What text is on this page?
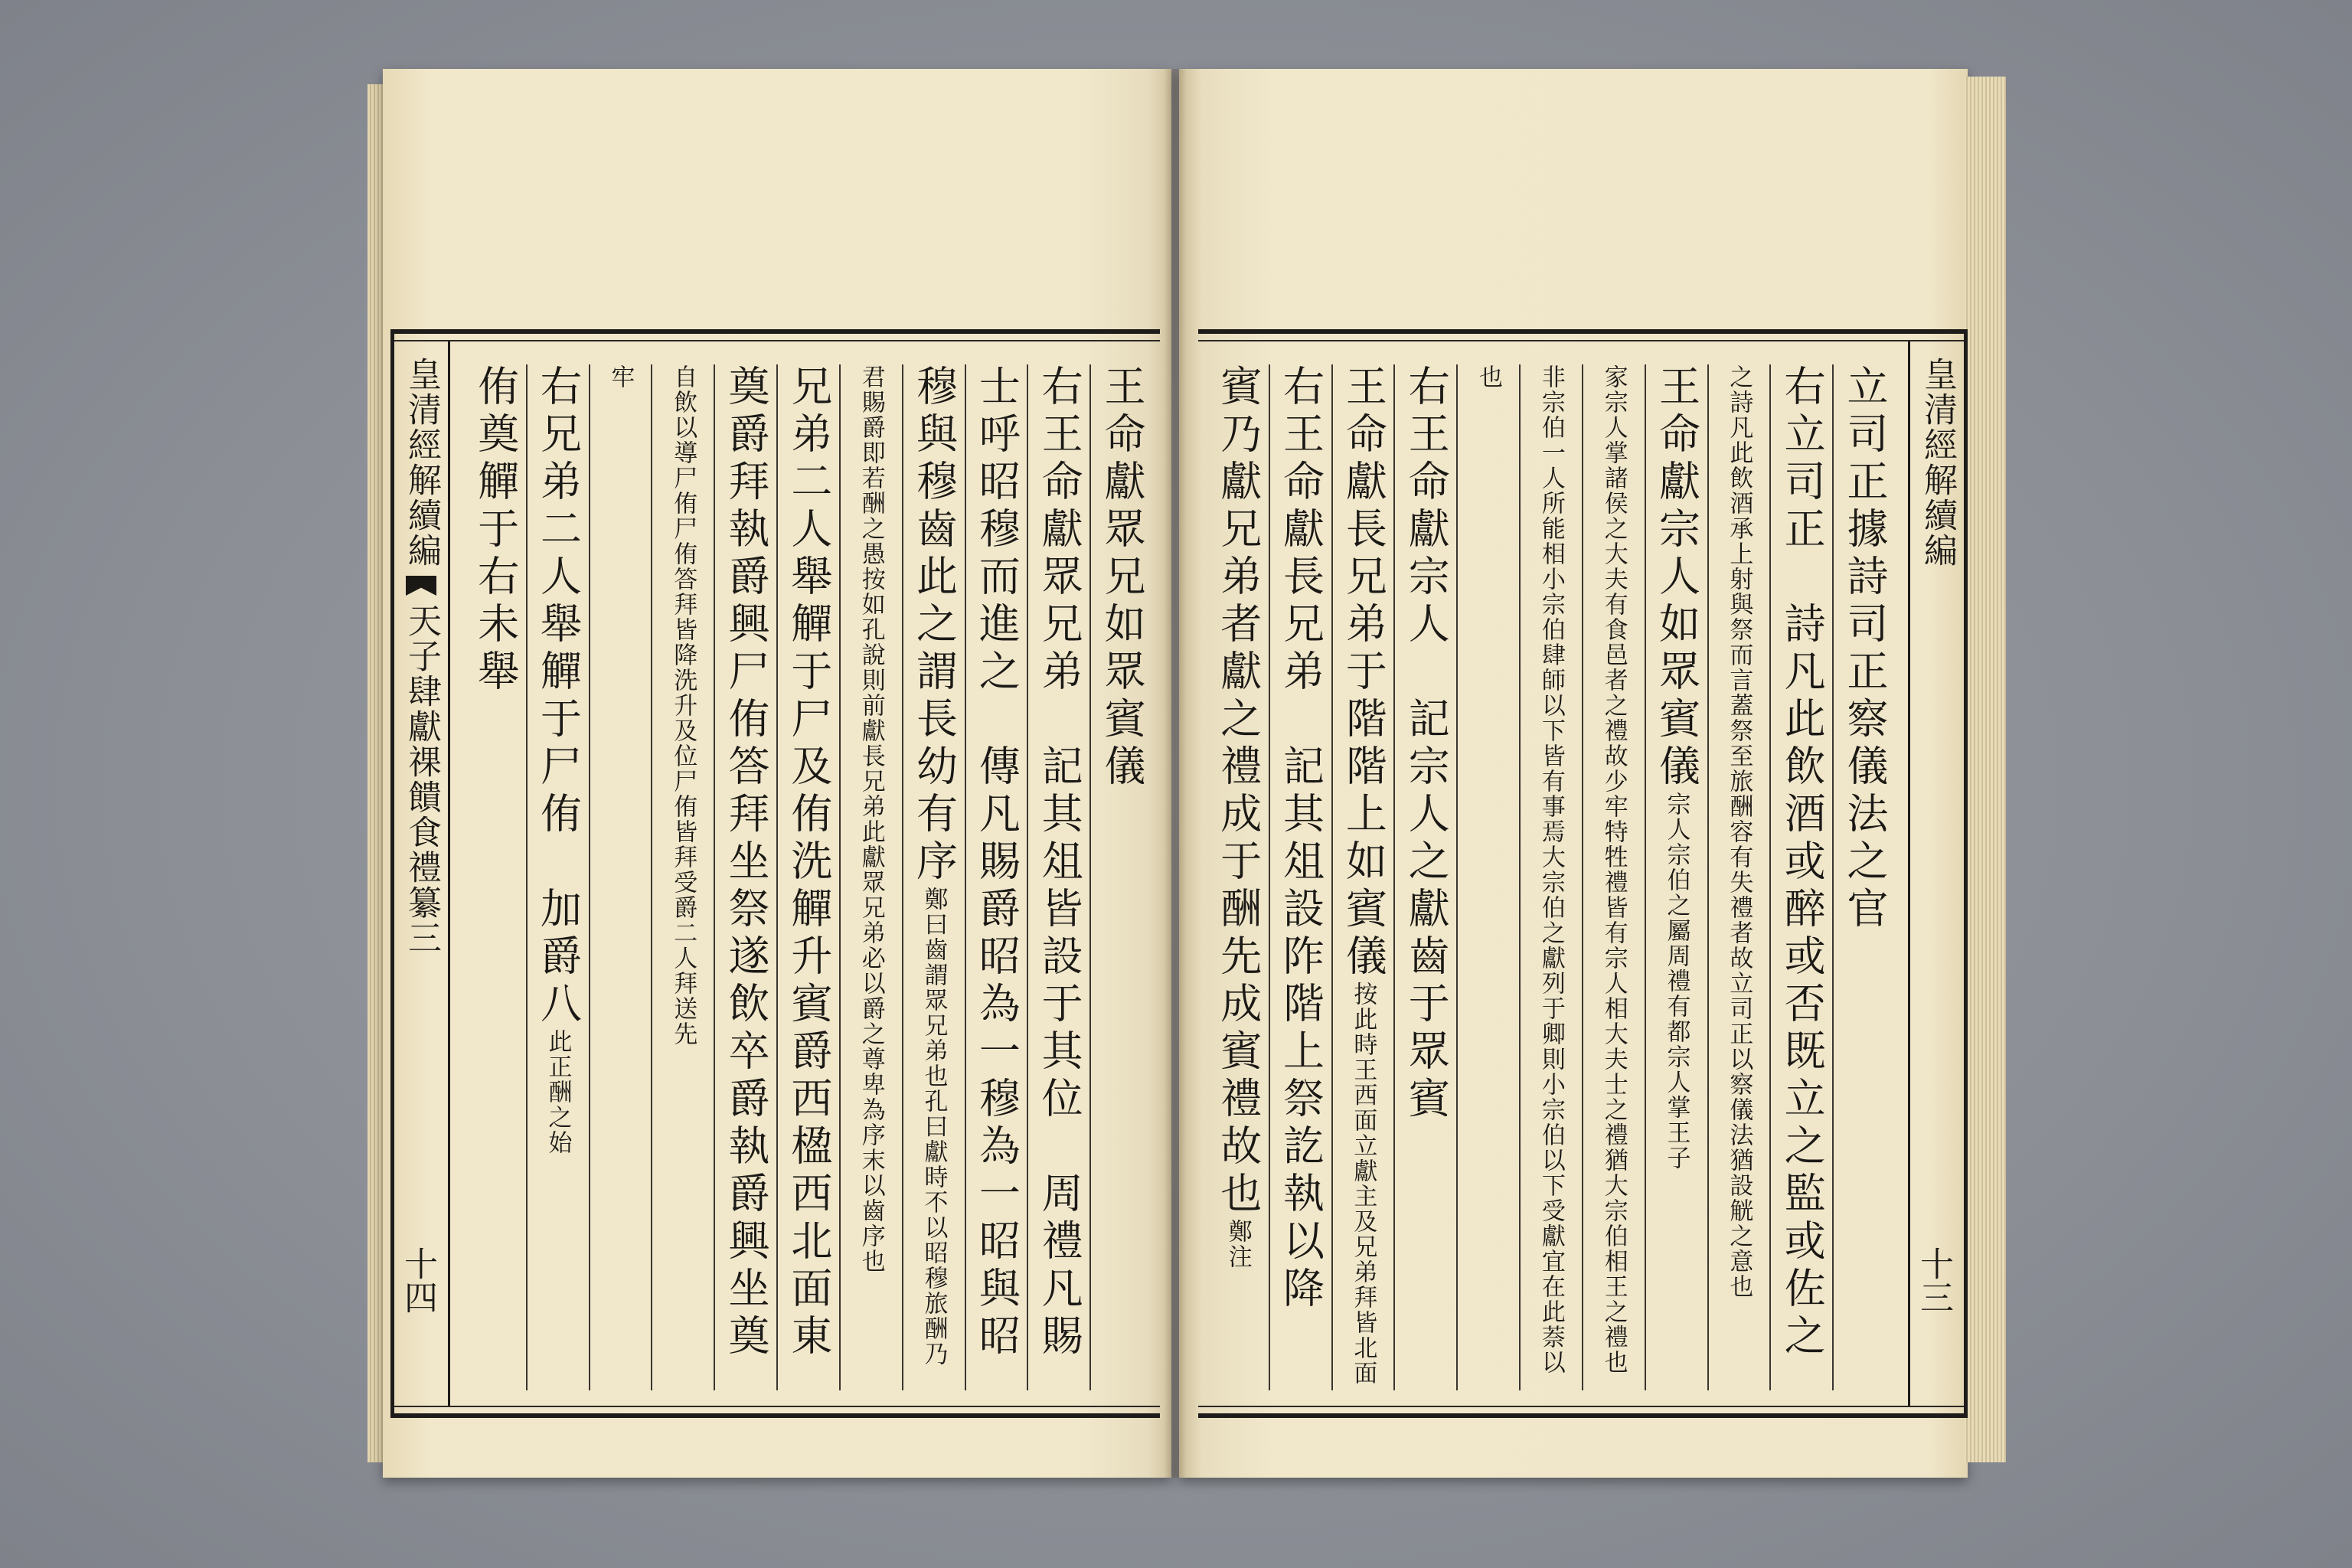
皇清經解續編
十三
立司正據詩司正察儀法之官
右立司正　詩凡此飲酒或醉或否既立之監或佐之
之詩凡此飲酒承上射與祭而言蓋祭至旅酬容有失禮者故立司正以察儀法猶設觥之意也
王命獻宗人如眾賓儀宗人宗伯之屬周禮有都宗人掌王子
家宗人掌諸侯之大夫有食邑者之禮故少牢特牲禮皆有宗人相大夫士之禮猶大宗伯相王之禮也
非宗伯一人所能相小宗伯肆師以下皆有事焉大宗伯之獻列于卿則小宗伯以下受獻宜在此萘以
也
右王命獻宗人　記宗人之獻齒于眾賓
王命獻長兄弟于階階上如賓儀按此時王西面立獻主及兄弟拜皆北面
右王命獻長兄弟　記其俎設阼階上祭訖執以降　
賓乃獻兄弟者獻之禮成于酬先成賓禮故也鄭注
皇清經解續編天子肆獻祼饋食禮纂三
十四
王命獻眾兄如眾賓儀
右王命獻眾兄弟　記其俎皆設于其位　周禮凡賜
士呼昭穆而進之　傳凡賜爵昭為一穆為一昭與昭
穆與穆齒此之謂長幼有序鄭曰齒謂眾兄弟也孔曰獻時不以昭穆旅酬乃
君賜爵即若酬之愚按如孔說則前獻長兄弟此獻眾兄弟必以爵之尊卑為序末以齒序也
兄弟二人舉觶于尸及侑洗觶升賓爵西楹西北面東
奠爵拜執爵興尸侑答拜坐祭遂飲卒爵執爵興坐奠
自飲以導尸侑尸侑答拜皆降洗升及位尸侑皆拜受爵二人拜送先
牢
右兄弟二人舉觶于尸侑　加爵八此正酬之始
侑奠觶于右未舉
